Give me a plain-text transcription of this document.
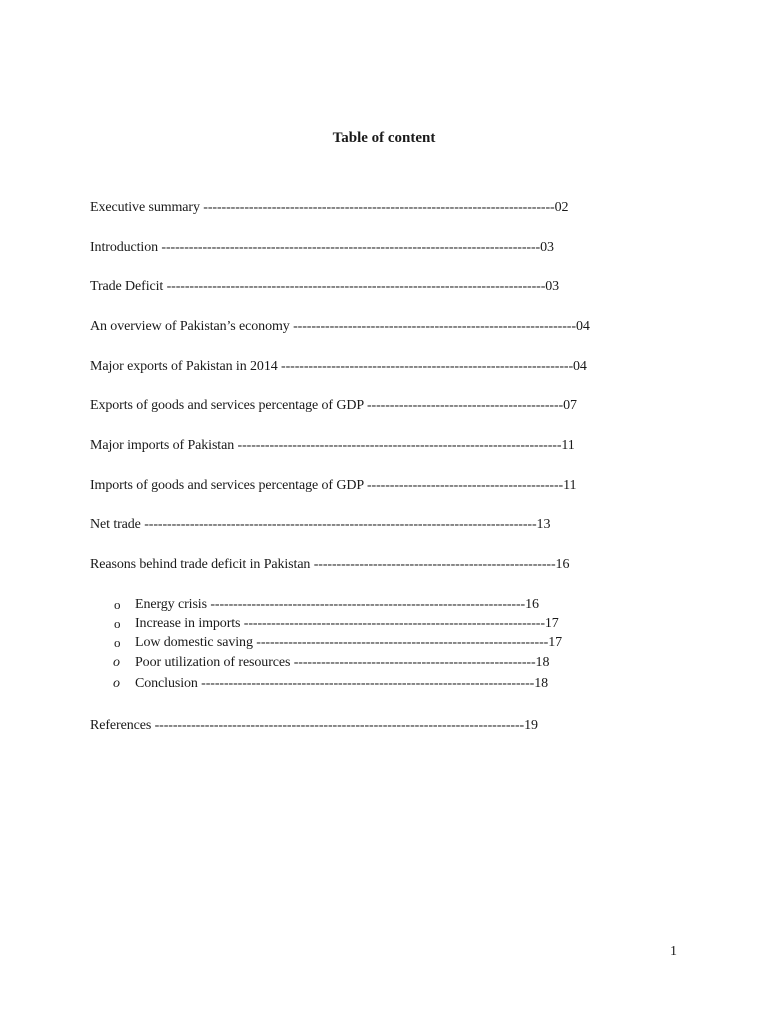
Table of content
Executive summary -----------------------------------------------------------------------------02
Introduction -----------------------------------------------------------------------------------03
Trade Deficit -----------------------------------------------------------------------------------03
An overview of Pakistan’s economy --------------------------------------------------------------04
Major exports of Pakistan in 2014 ----------------------------------------------------------------04
Exports of goods and services percentage of GDP -------------------------------------------07
Major imports of Pakistan -----------------------------------------------------------------------11
Imports of goods and services percentage of GDP -------------------------------------------11
Net trade --------------------------------------------------------------------------------------13
Reasons behind trade deficit in Pakistan -----------------------------------------------------16
o Energy crisis ---------------------------------------------------------------------16
o Increase in imports ------------------------------------------------------------------17
o Low domestic saving ----------------------------------------------------------------17
o Poor utilization of resources -----------------------------------------------------18
o Conclusion -------------------------------------------------------------------------18
References ---------------------------------------------------------------------------------19
1
